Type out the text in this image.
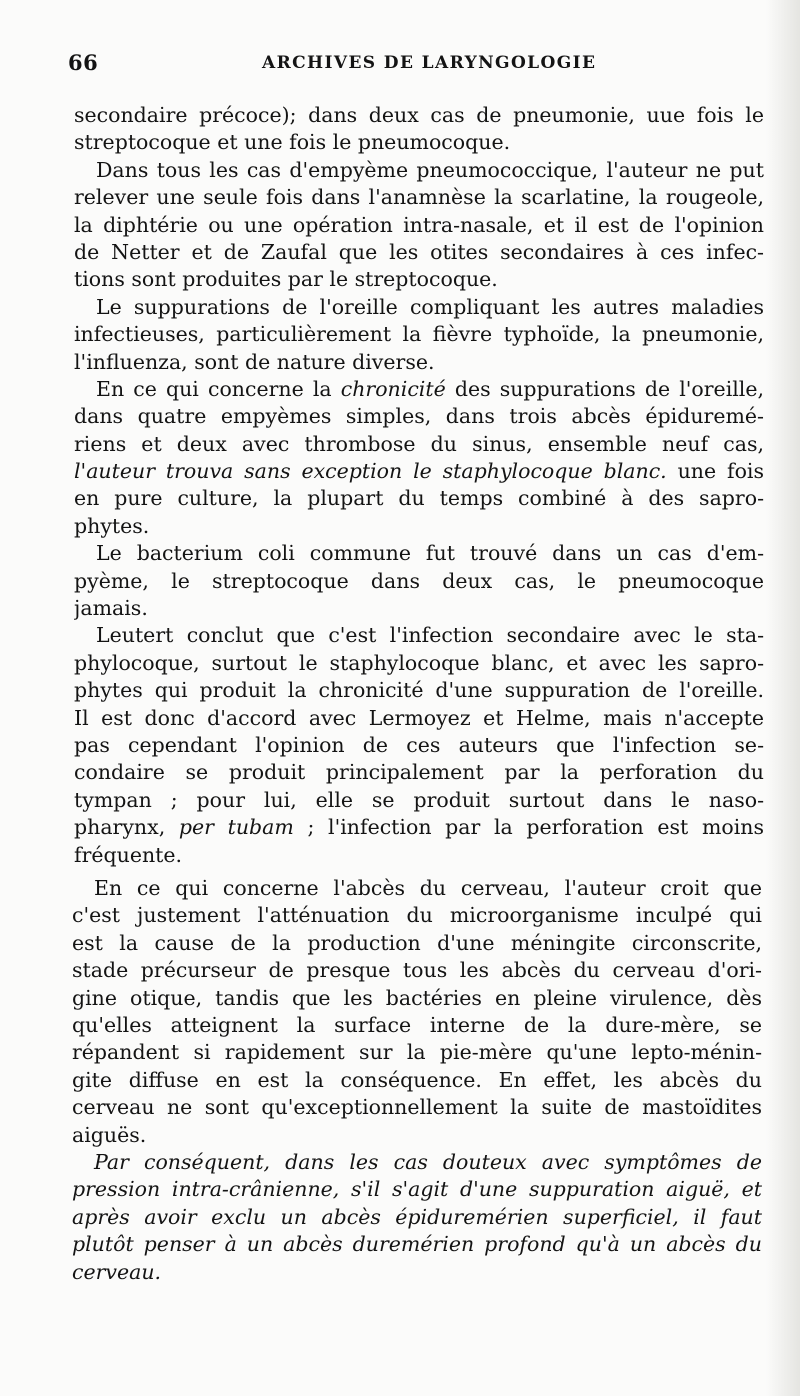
66	ARCHIVES DE LARYNGOLOGIE
secondaire précoce); dans deux cas de pneumonie, uue fois le
streptocoque et une fois le pneumocoque.
Dans tous les cas d'empyème pneumococcique, l'auteur ne put
relever une seule fois dans l'anamnèse la scarlatine, la rougeole,
la diphtérie ou une opération intra-nasale, et il est de l'opinion
de Netter et de Zaufal que les otites secondaires à ces infec-
tions sont produites par le streptocoque.
Le suppurations de l'oreille compliquant les autres maladies
infectieuses, particulièrement la fièvre typhoïde, la pneumonie,
l'influenza, sont de nature diverse.
En ce qui concerne la chronicité des suppurations de l'oreille,
dans quatre empyèmes simples, dans trois abcès épiduremé-
riens et deux avec thrombose du sinus, ensemble neuf cas,
l'auteur trouva sans exception le staphylocoque blanc. une fois
en pure culture, la plupart du temps combiné à des sapro-
phytes.
Le bacterium coli commune fut trouvé dans un cas d'em-
pyème, le streptocoque dans deux cas, le pneumocoque
jamais.
Leutert conclut que c'est l'infection secondaire avec le sta-
phylocoque, surtout le staphylocoque blanc, et avec les sapro-
phytes qui produit la chronicité d'une suppuration de l'oreille.
Il est donc d'accord avec Lermoyez et Helme, mais n'accepte
pas cependant l'opinion de ces auteurs que l'infection se-
condaire se produit principalement par la perforation du
tympan ; pour lui, elle se produit surtout dans le naso-
pharynx, per tubam ; l'infection par la perforation est moins
fréquente.
En ce qui concerne l'abcès du cerveau, l'auteur croit que
c'est justement l'atténuation du microorganisme inculpé qui
est la cause de la production d'une méningite circonscrite,
stade précurseur de presque tous les abcès du cerveau d'ori-
gine otique, tandis que les bactéries en pleine virulence, dès
qu'elles atteignent la surface interne de la dure-mère, se
répandent si rapidement sur la pie-mère qu'une lepto-ménin-
gite diffuse en est la conséquence. En effet, les abcès du
cerveau ne sont qu'exceptionnellement la suite de mastoïdites
aiguës.
Par conséquent, dans les cas douteux avec symptômes de
pression intra-crânienne, s'il s'agit d'une suppuration aiguë, et
après avoir exclu un abcès épiduremérien superficiel, il faut
plutôt penser à un abcès duremérien profond qu'à un abcès du
cerveau.
